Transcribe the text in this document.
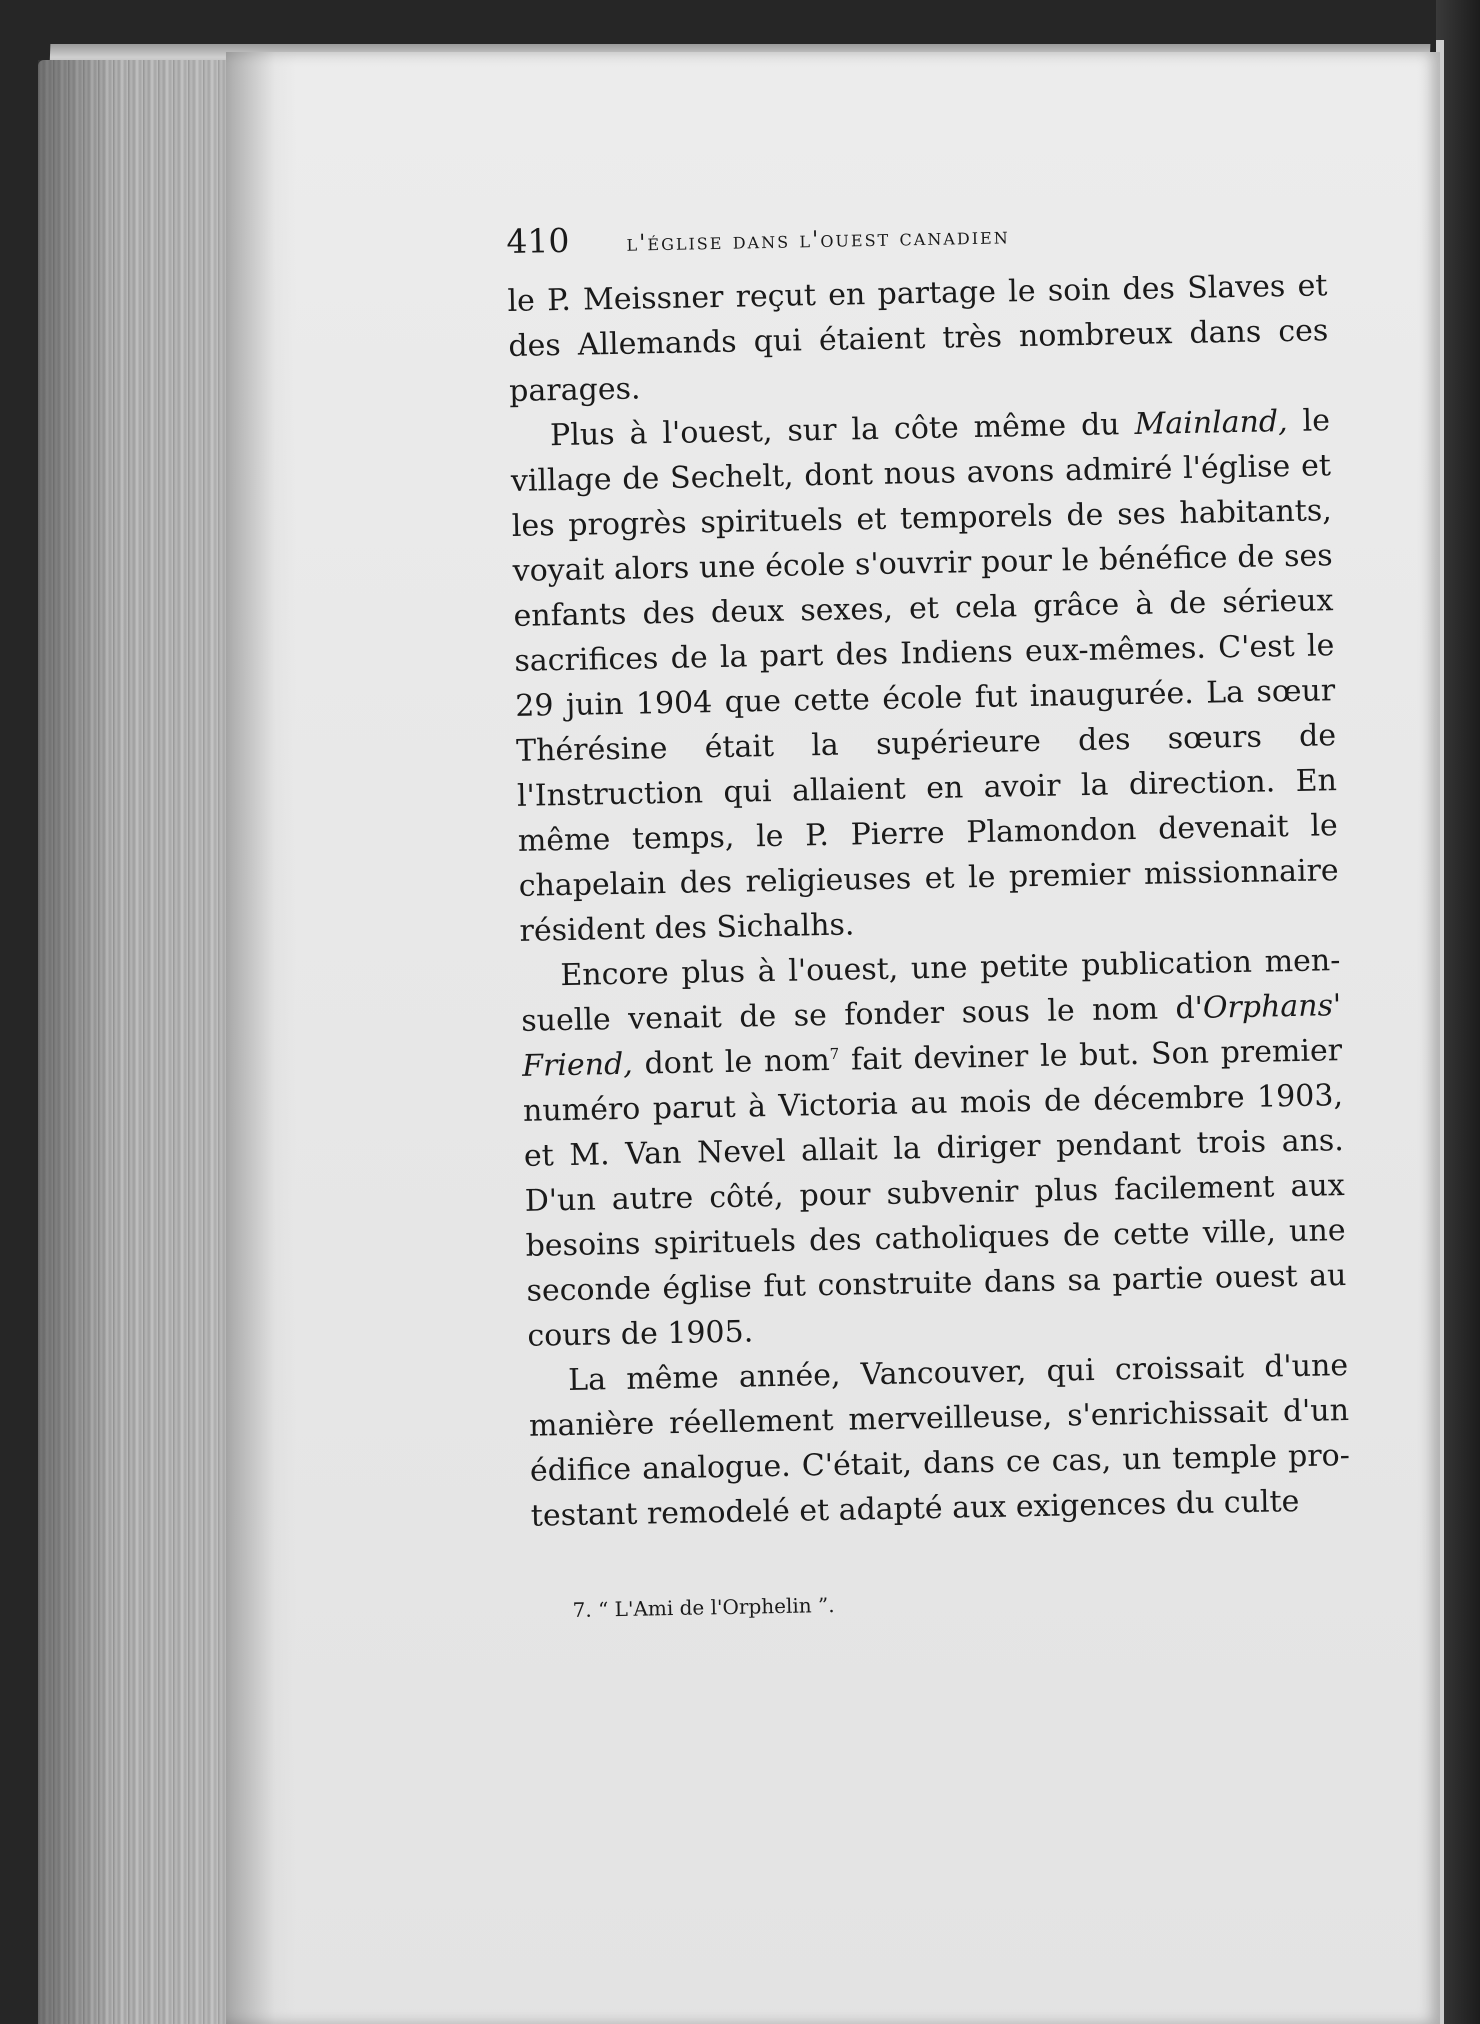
410	l'église dans l'ouest canadien

le P. Meissner reçut en partage le soin des Slaves et des Allemands qui étaient très nombreux dans ces parages.

Plus à l'ouest, sur la côte même du Mainland, le village de Sechelt, dont nous avons admiré l'église et les progrès spirituels et temporels de ses habitants, voyait alors une école s'ouvrir pour le bénéfice de ses enfants des deux sexes, et cela grâce à de sérieux sacrifices de la part des Indiens eux-mêmes. C'est le 29 juin 1904 que cette école fut inaugurée. La sœur Thérésine était la supérieure des sœurs de l'Instruction qui allaient en avoir la direction. En même temps, le P. Pierre Plamondon devenait le chapelain des religieuses et le premier missionnaire résident des Sichalhs.

Encore plus à l'ouest, une petite publication mensuelle venait de se fonder sous le nom d'Orphans' Friend, dont le nom$^7$ fait deviner le but. Son premier numéro parut à Victoria au mois de décembre 1903, et M. Van Nevel allait la diriger pendant trois ans. D'un autre côté, pour subvenir plus facilement aux besoins spirituels des catholiques de cette ville, une seconde église fut construite dans sa partie ouest au cours de 1905.

La même année, Vancouver, qui croissait d'une manière réellement merveilleuse, s'enrichissait d'un édifice analogue. C'était, dans ce cas, un temple protestant remodelé et adapté aux exigences du culte

7. “ L'Ami de l'Orphelin ”.
